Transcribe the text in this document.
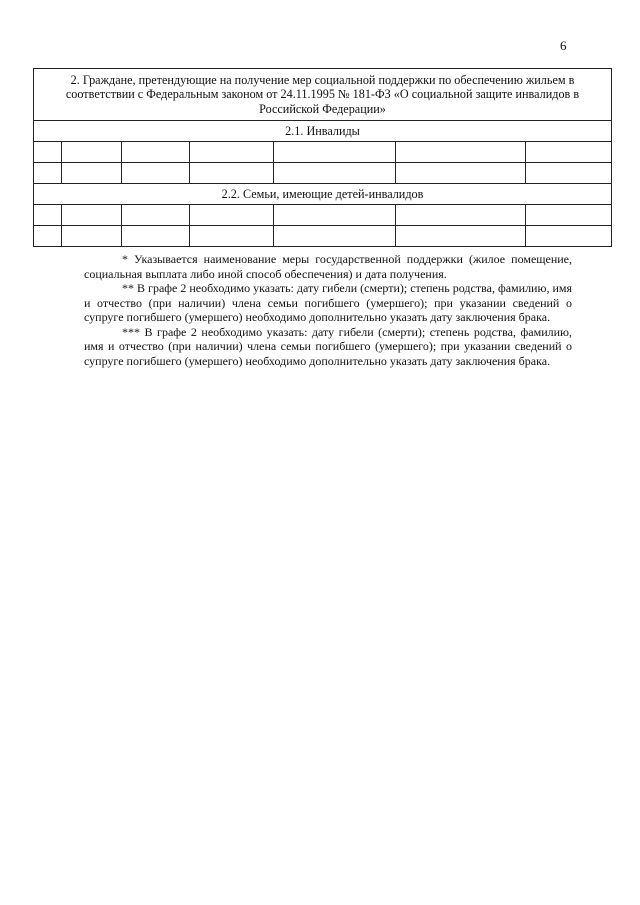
6
2. Граждане, претендующие на получение мер социальной поддержки по обеспечению жильем в соответствии с Федеральным законом от 24.11.1995 № 181-ФЗ «О социальной защите инвалидов в Российской Федерации»						
2.1. Инвалиды						

2.2. Семьи, имеющие детей-инвалидов						

* Указывается наименование меры государственной поддержки (жилое помещение, социальная выплата либо иной способ обеспечения) и дата получения.

** В графе 2 необходимо указать: дату гибели (смерти); степень родства, фамилию, имя и отчество (при наличии) члена семьи погибшего (умершего); при указании сведений о супруге погибшего (умершего) необходимо дополнительно указать дату заключения брака.

*** В графе 2 необходимо указать: дату гибели (смерти); степень родства, фамилию, имя и отчество (при наличии) члена семьи погибшего (умершего); при указании сведений о супруге погибшего (умершего) необходимо дополнительно указать дату заключения брака.
